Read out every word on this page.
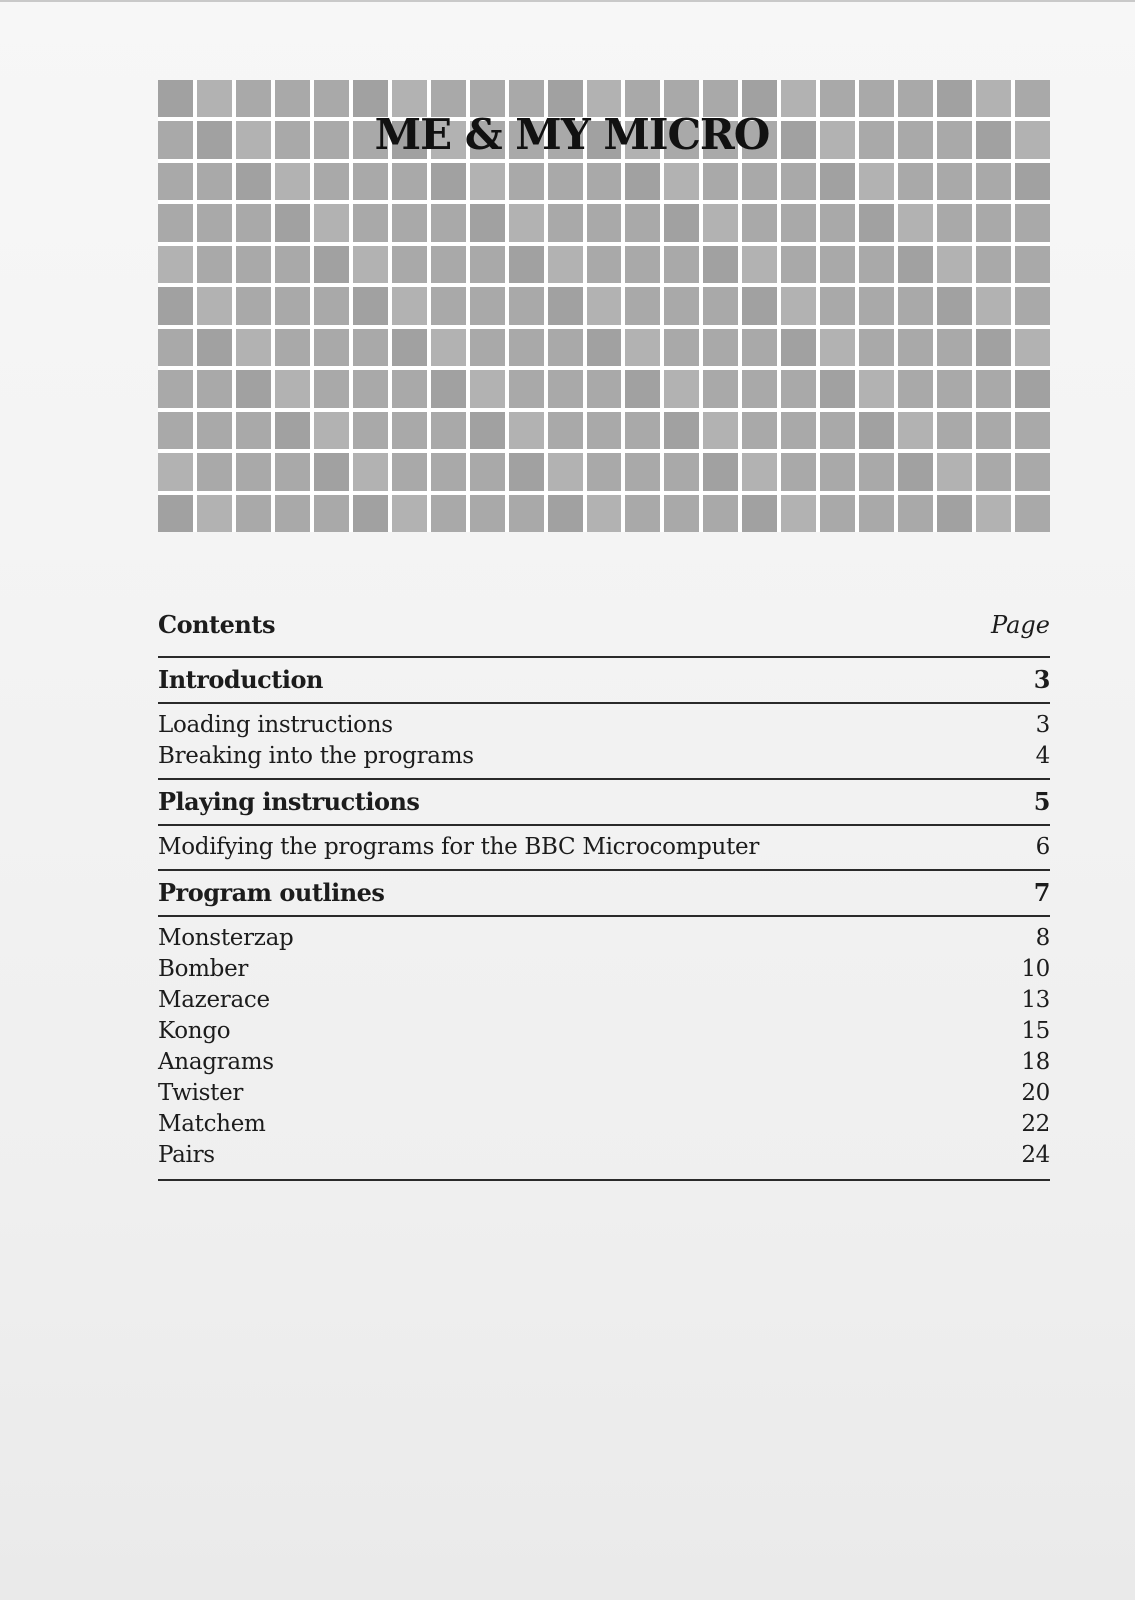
ME & MY MICRO
Contents	Page
Introduction	3
Loading instructions	3
Breaking into the programs	4
Playing instructions	5
Modifying the programs for the BBC Microcomputer	6
Program outlines	7
Monsterzap	8
Bomber	10
Mazerace	13
Kongo	15
Anagrams	18
Twister	20
Matchem	22
Pairs	24
